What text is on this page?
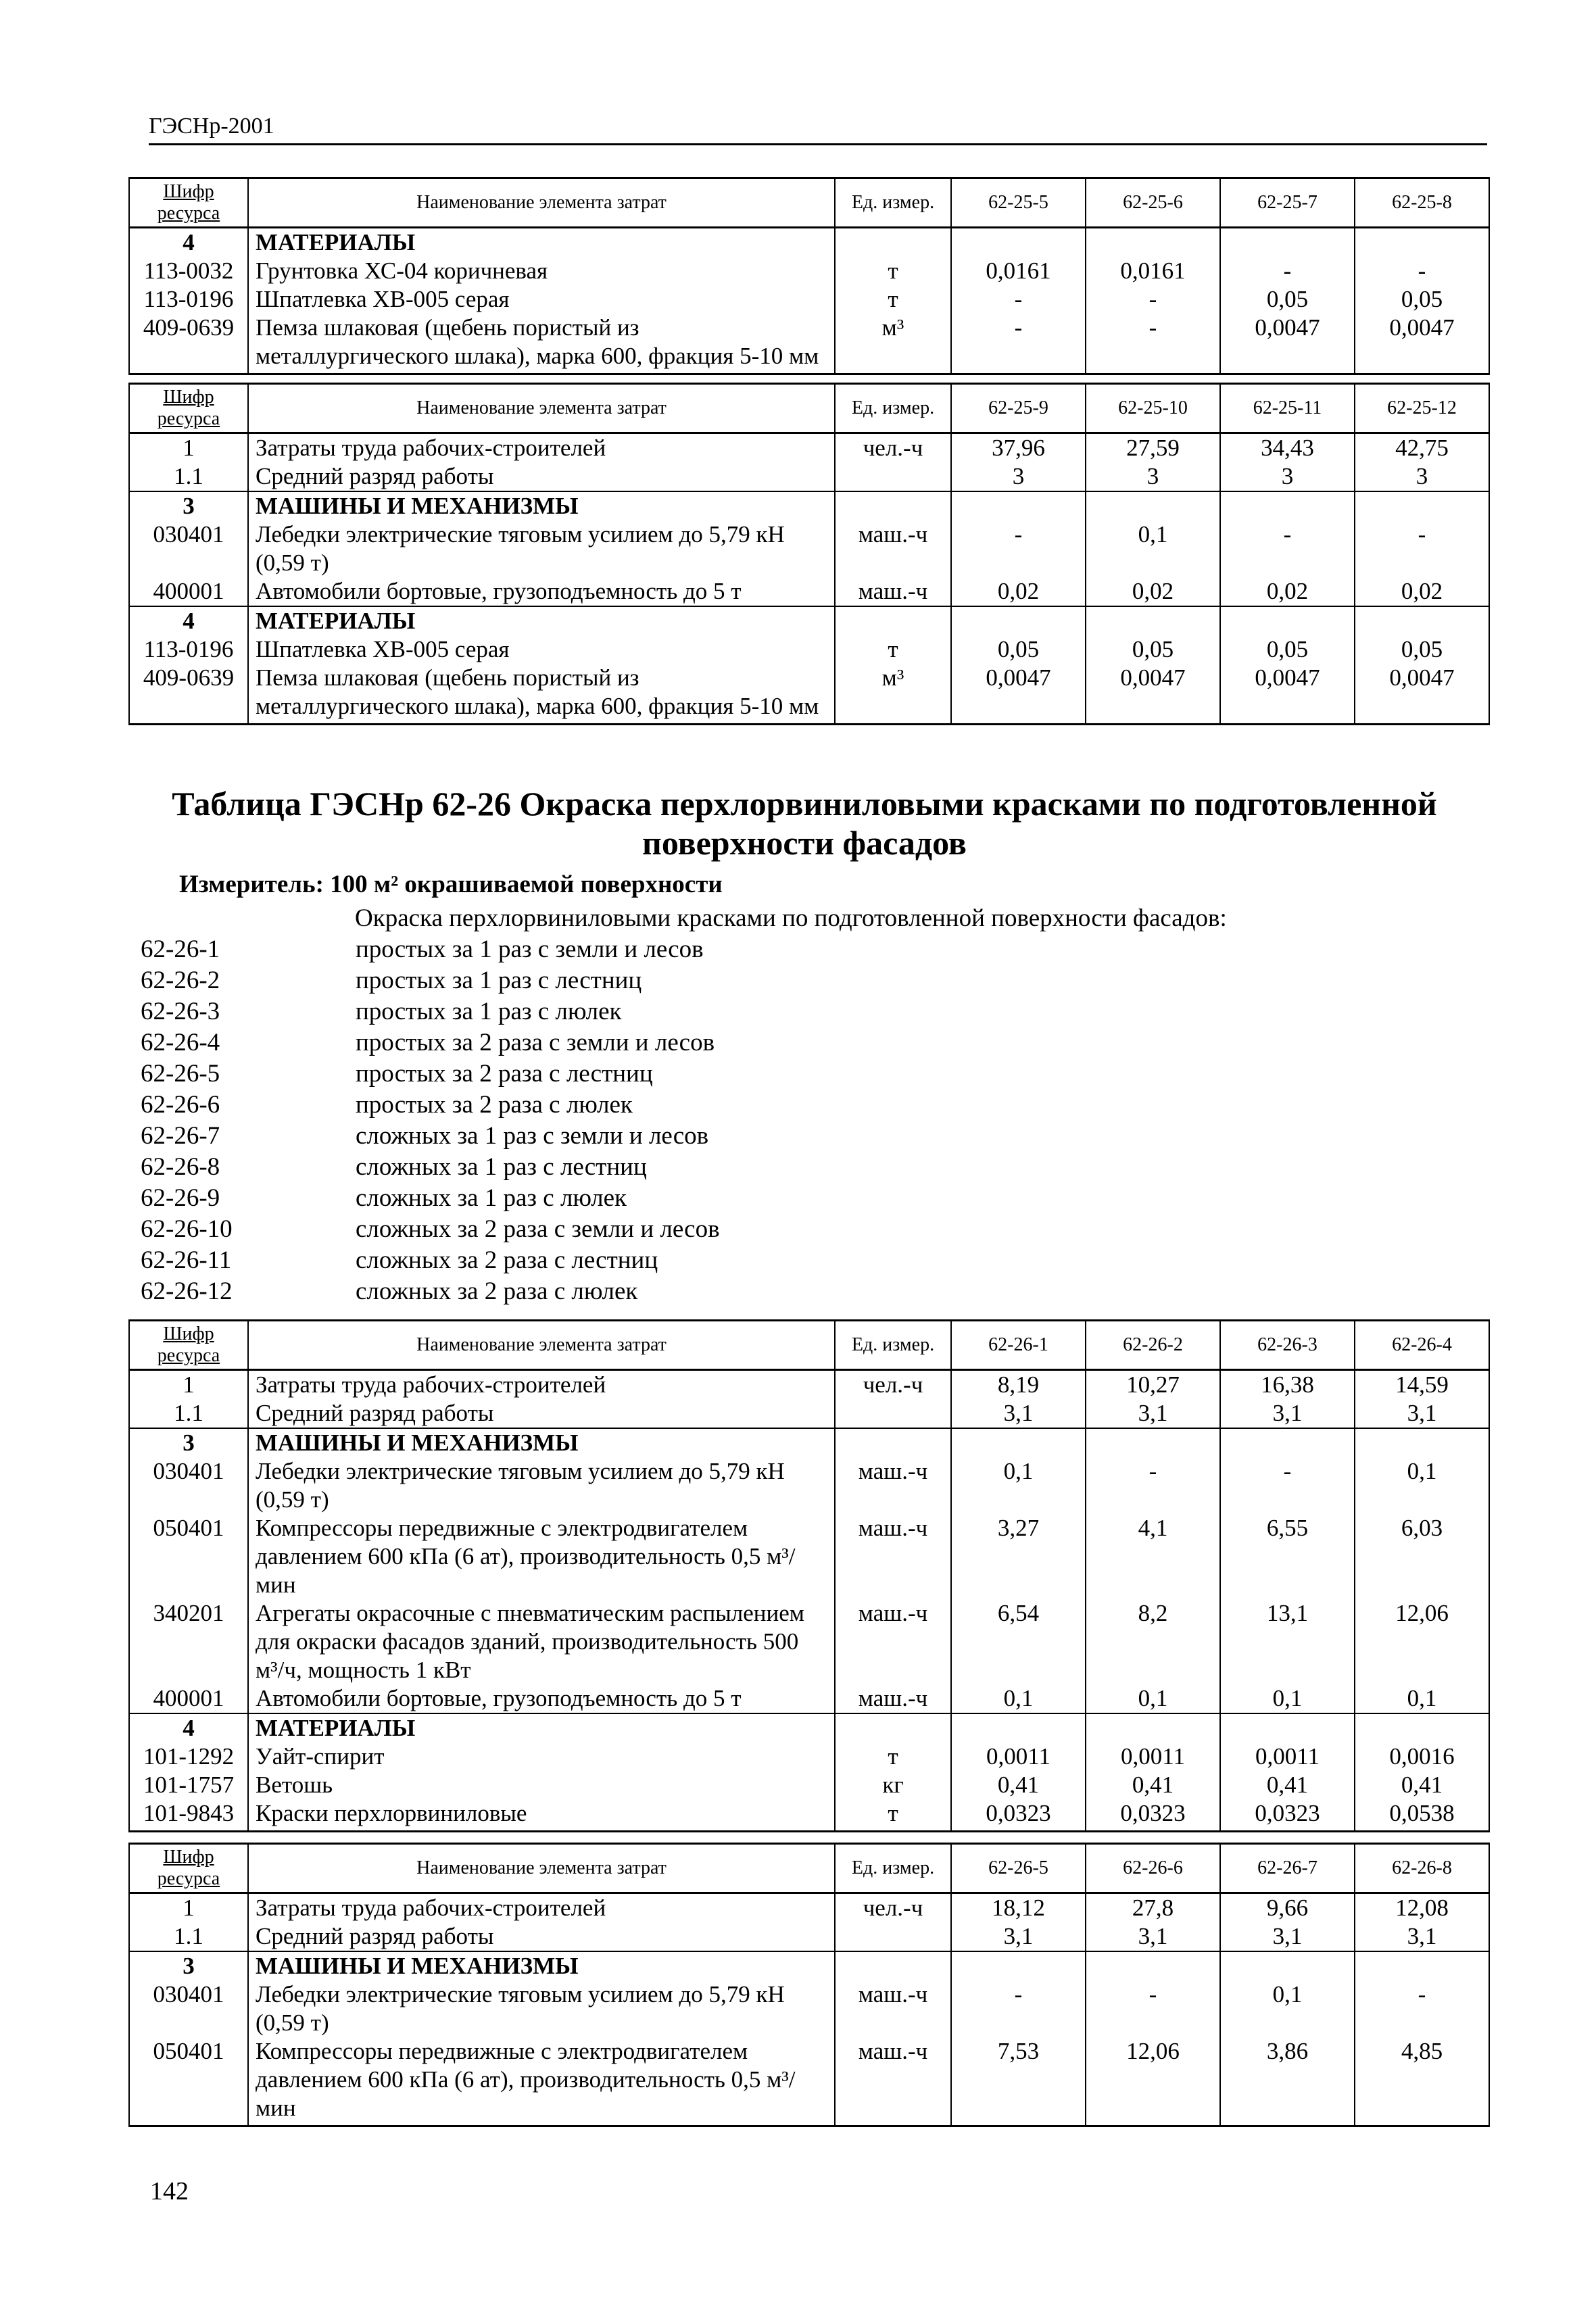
ГЭСНр-2001
Шифр ресурса	Наименование элемента затрат	Ед. измер.	62-25-5	62-25-6	62-25-7	62-25-8
4	МАТЕРИАЛЫ					
113-0032	Грунтовка ХС-04 коричневая	т	0,0161	0,0161	-	-
113-0196	Шпатлевка ХВ-005 серая	т	-	-	0,05	0,05
409-0639	Пемза шлаковая (щебень пористый из металлургического шлака), марка 600, фракция 5-10 мм	м³	-	-	0,0047	0,0047
Шифр ресурса	Наименование элемента затрат	Ед. измер.	62-25-9	62-25-10	62-25-11	62-25-12
1	Затраты труда рабочих-строителей	чел.-ч	37,96	27,59	34,43	42,75
1.1	Средний разряд работы		3	3	3	3
3	МАШИНЫ И МЕХАНИЗМЫ					
030401	Лебедки электрические тяговым усилием до 5,79 кН (0,59 т)	маш.-ч	-	0,1	-	-
400001	Автомобили бортовые, грузоподъемность до 5 т	маш.-ч	0,02	0,02	0,02	0,02
4	МАТЕРИАЛЫ					
113-0196	Шпатлевка ХВ-005 серая	т	0,05	0,05	0,05	0,05
409-0639	Пемза шлаковая (щебень пористый из металлургического шлака), марка 600, фракция 5-10 мм	м³	0,0047	0,0047	0,0047	0,0047
Таблица ГЭСНр 62-26 Окраска перхлорвиниловыми красками по подготовленной поверхности фасадов
Измеритель: 100 м² окрашиваемой поверхности
Окраска перхлорвиниловыми красками по подготовленной поверхности фасадов:
62-26-1	простых за 1 раз с земли и лесов
62-26-2	простых за 1 раз с лестниц
62-26-3	простых за 1 раз с люлек
62-26-4	простых за 2 раза с земли и лесов
62-26-5	простых за 2 раза с лестниц
62-26-6	простых за 2 раза с люлек
62-26-7	сложных за 1 раз с земли и лесов
62-26-8	сложных за 1 раз с лестниц
62-26-9	сложных за 1 раз с люлек
62-26-10	сложных за 2 раза с земли и лесов
62-26-11	сложных за 2 раза с лестниц
62-26-12	сложных за 2 раза с люлек
Шифр ресурса	Наименование элемента затрат	Ед. измер.	62-26-1	62-26-2	62-26-3	62-26-4
1	Затраты труда рабочих-строителей	чел.-ч	8,19	10,27	16,38	14,59
1.1	Средний разряд работы		3,1	3,1	3,1	3,1
3	МАШИНЫ И МЕХАНИЗМЫ					
030401	Лебедки электрические тяговым усилием до 5,79 кН (0,59 т)	маш.-ч	0,1	-	-	0,1
050401	Компрессоры передвижные с электродвигателем давлением 600 кПа (6 ат), производительность 0,5 м³/мин	маш.-ч	3,27	4,1	6,55	6,03
340201	Агрегаты окрасочные с пневматическим распылением для окраски фасадов зданий, производительность 500 м³/ч, мощность 1 кВт	маш.-ч	6,54	8,2	13,1	12,06
400001	Автомобили бортовые, грузоподъемность до 5 т	маш.-ч	0,1	0,1	0,1	0,1
4	МАТЕРИАЛЫ					
101-1292	Уайт-спирит	т	0,0011	0,0011	0,0011	0,0016
101-1757	Ветошь	кг	0,41	0,41	0,41	0,41
101-9843	Краски перхлорвиниловые	т	0,0323	0,0323	0,0323	0,0538
Шифр ресурса	Наименование элемента затрат	Ед. измер.	62-26-5	62-26-6	62-26-7	62-26-8
1	Затраты труда рабочих-строителей	чел.-ч	18,12	27,8	9,66	12,08
1.1	Средний разряд работы		3,1	3,1	3,1	3,1
3	МАШИНЫ И МЕХАНИЗМЫ					
030401	Лебедки электрические тяговым усилием до 5,79 кН (0,59 т)	маш.-ч	-	-	0,1	-
050401	Компрессоры передвижные с электродвигателем давлением 600 кПа (6 ат), производительность 0,5 м³/мин	маш.-ч	7,53	12,06	3,86	4,85
142
